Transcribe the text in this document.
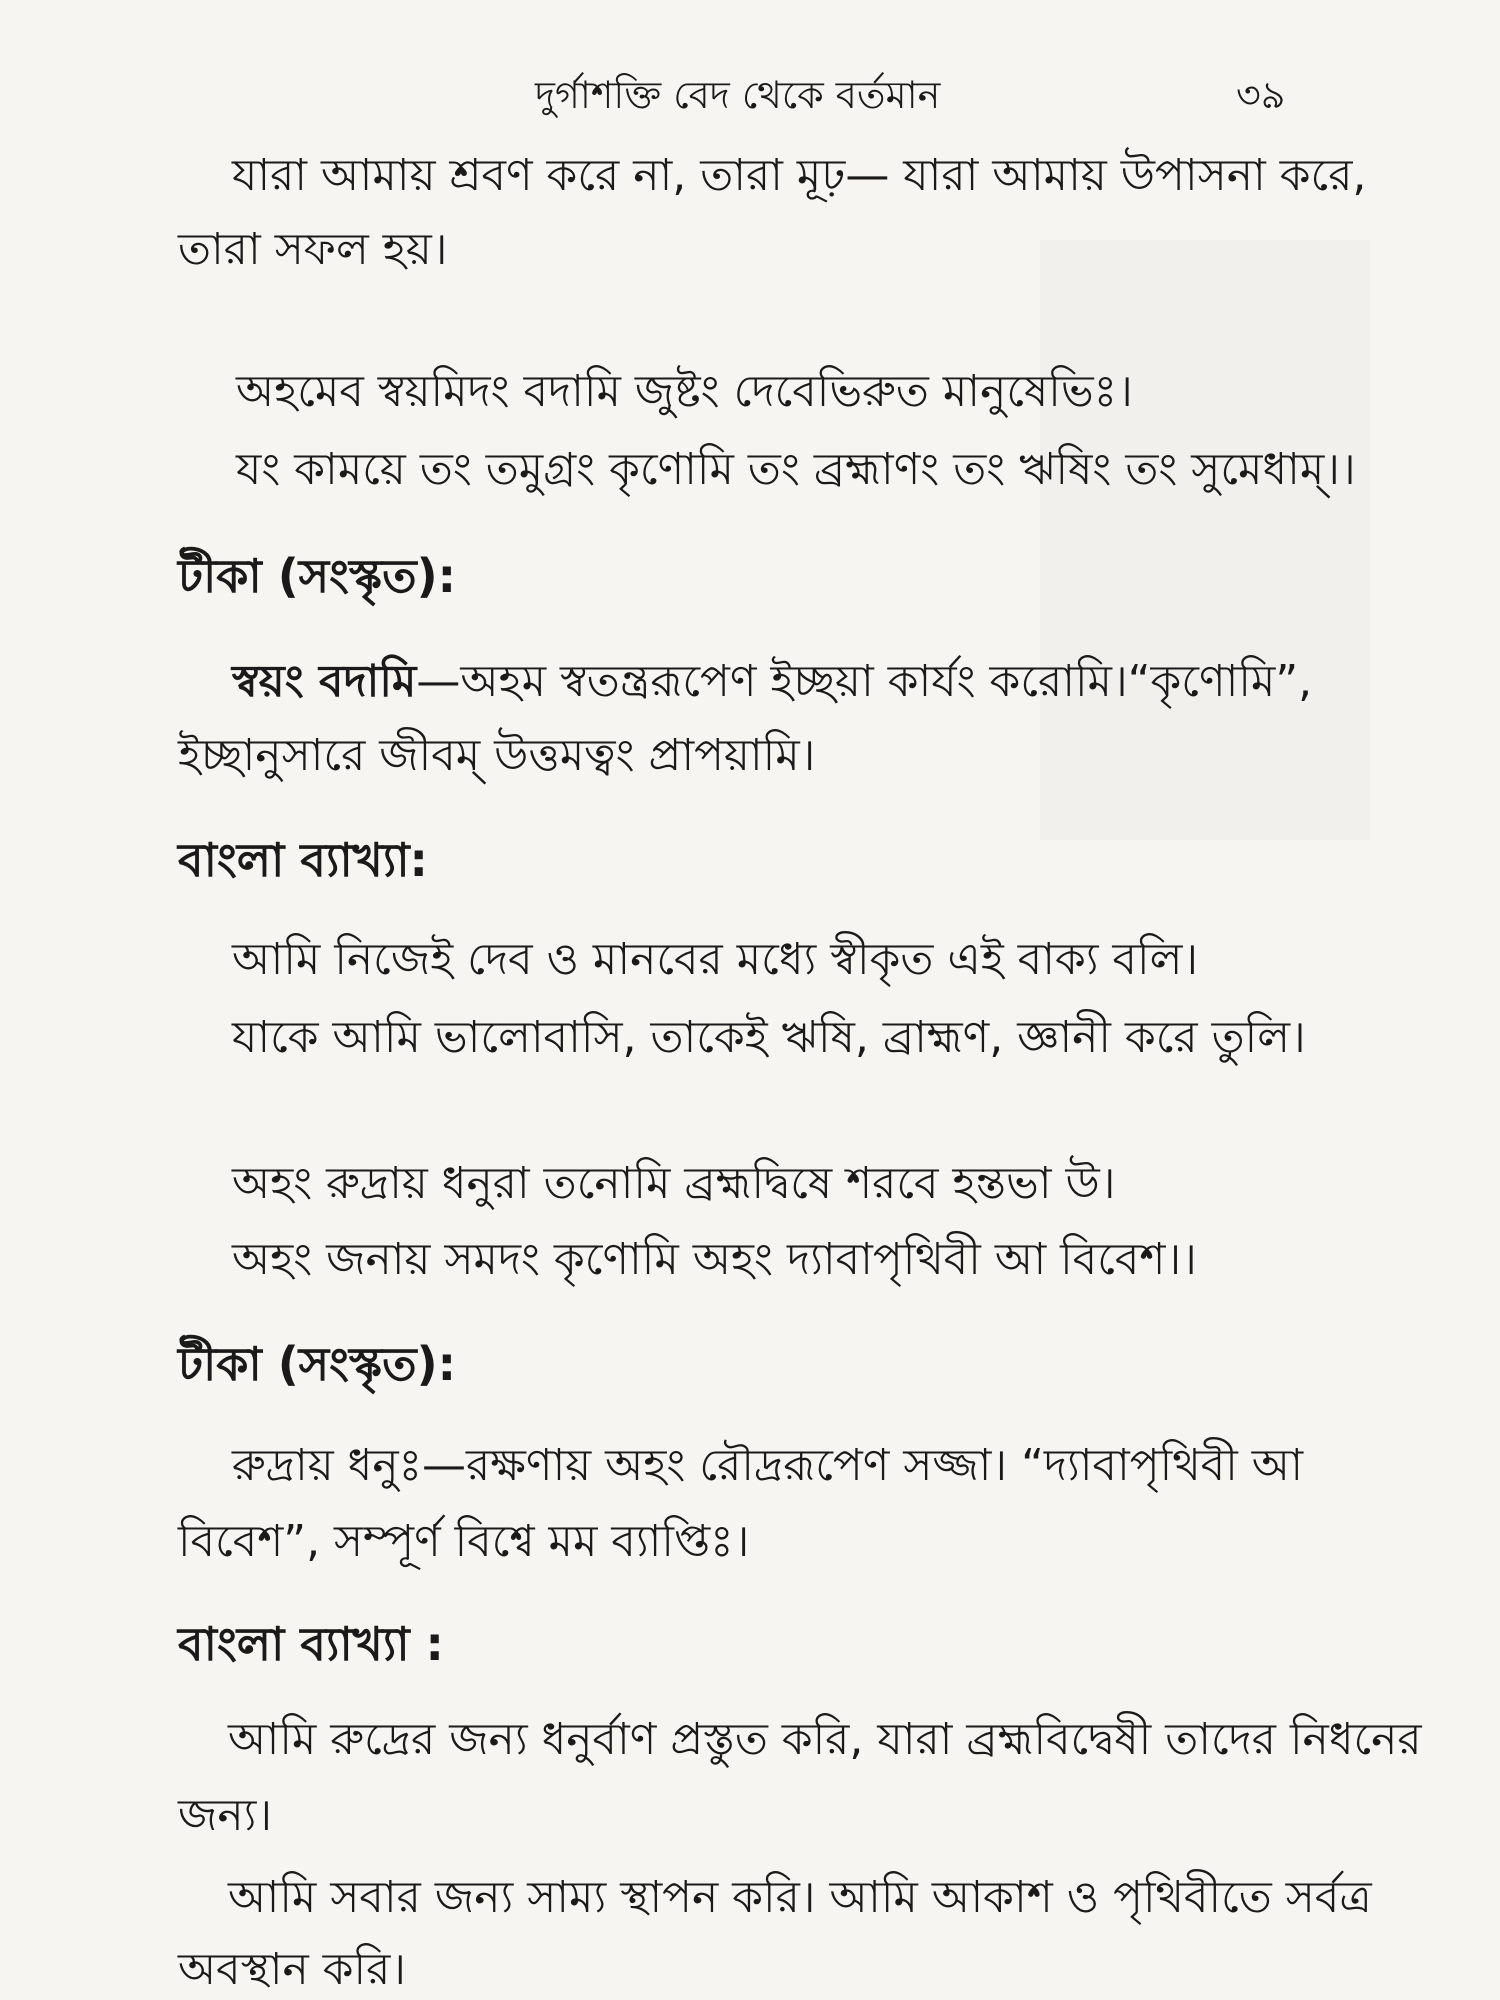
দুর্গাশক্তি বেদ থেকে বর্তমান	৩৯
যারা আমায় শ্রবণ করে না, তারা মূঢ়— যারা আমায় উপাসনা করে,
তারা সফল হয়।
অহমেব স্বয়মিদং বদামি জুষ্টং দেবেভিরুত মানুষেভিঃ।
যং কাময়ে তং তমুগ্রং কৃণোমি তং ব্রহ্মাণং তং ঋষিং তং সুমেধাম্।।
টীকা (সংস্কৃত):
স্বয়ং বদামি—অহম স্বতন্ত্ররূপেণ ইচ্ছয়া কার্যং করোমি।“কৃণোমি”,
ইচ্ছানুসারে জীবম্ উত্তমত্বং প্রাপয়ামি।
বাংলা ব্যাখ্যা:
আমি নিজেই দেব ও মানবের মধ্যে স্বীকৃত এই বাক্য বলি।
যাকে আমি ভালোবাসি, তাকেই ঋষি, ব্রাহ্মণ, জ্ঞানী করে তুলি।
অহং রুদ্রায় ধনুরা তনোমি ব্রহ্মদ্বিষে শরবে হন্তভা উ।
অহং জনায় সমদং কৃণোমি অহং দ্যাবাপৃথিবী আ বিবেশ।।
টীকা (সংস্কৃত):
রুদ্রায় ধনুঃ—রক্ষণায় অহং রৌদ্ররূপেণ সজ্জা। “দ্যাবাপৃথিবী আ
বিবেশ”, সম্পূর্ণ বিশ্বে মম ব্যাপ্তিঃ।
বাংলা ব্যাখ্যা :
আমি রুদ্রের জন্য ধনুর্বাণ প্রস্তুত করি, যারা ব্রহ্মবিদ্বেষী তাদের নিধনের
জন্য।
আমি সবার জন্য সাম্য স্থাপন করি। আমি আকাশ ও পৃথিবীতে সর্বত্র
অবস্থান করি।
